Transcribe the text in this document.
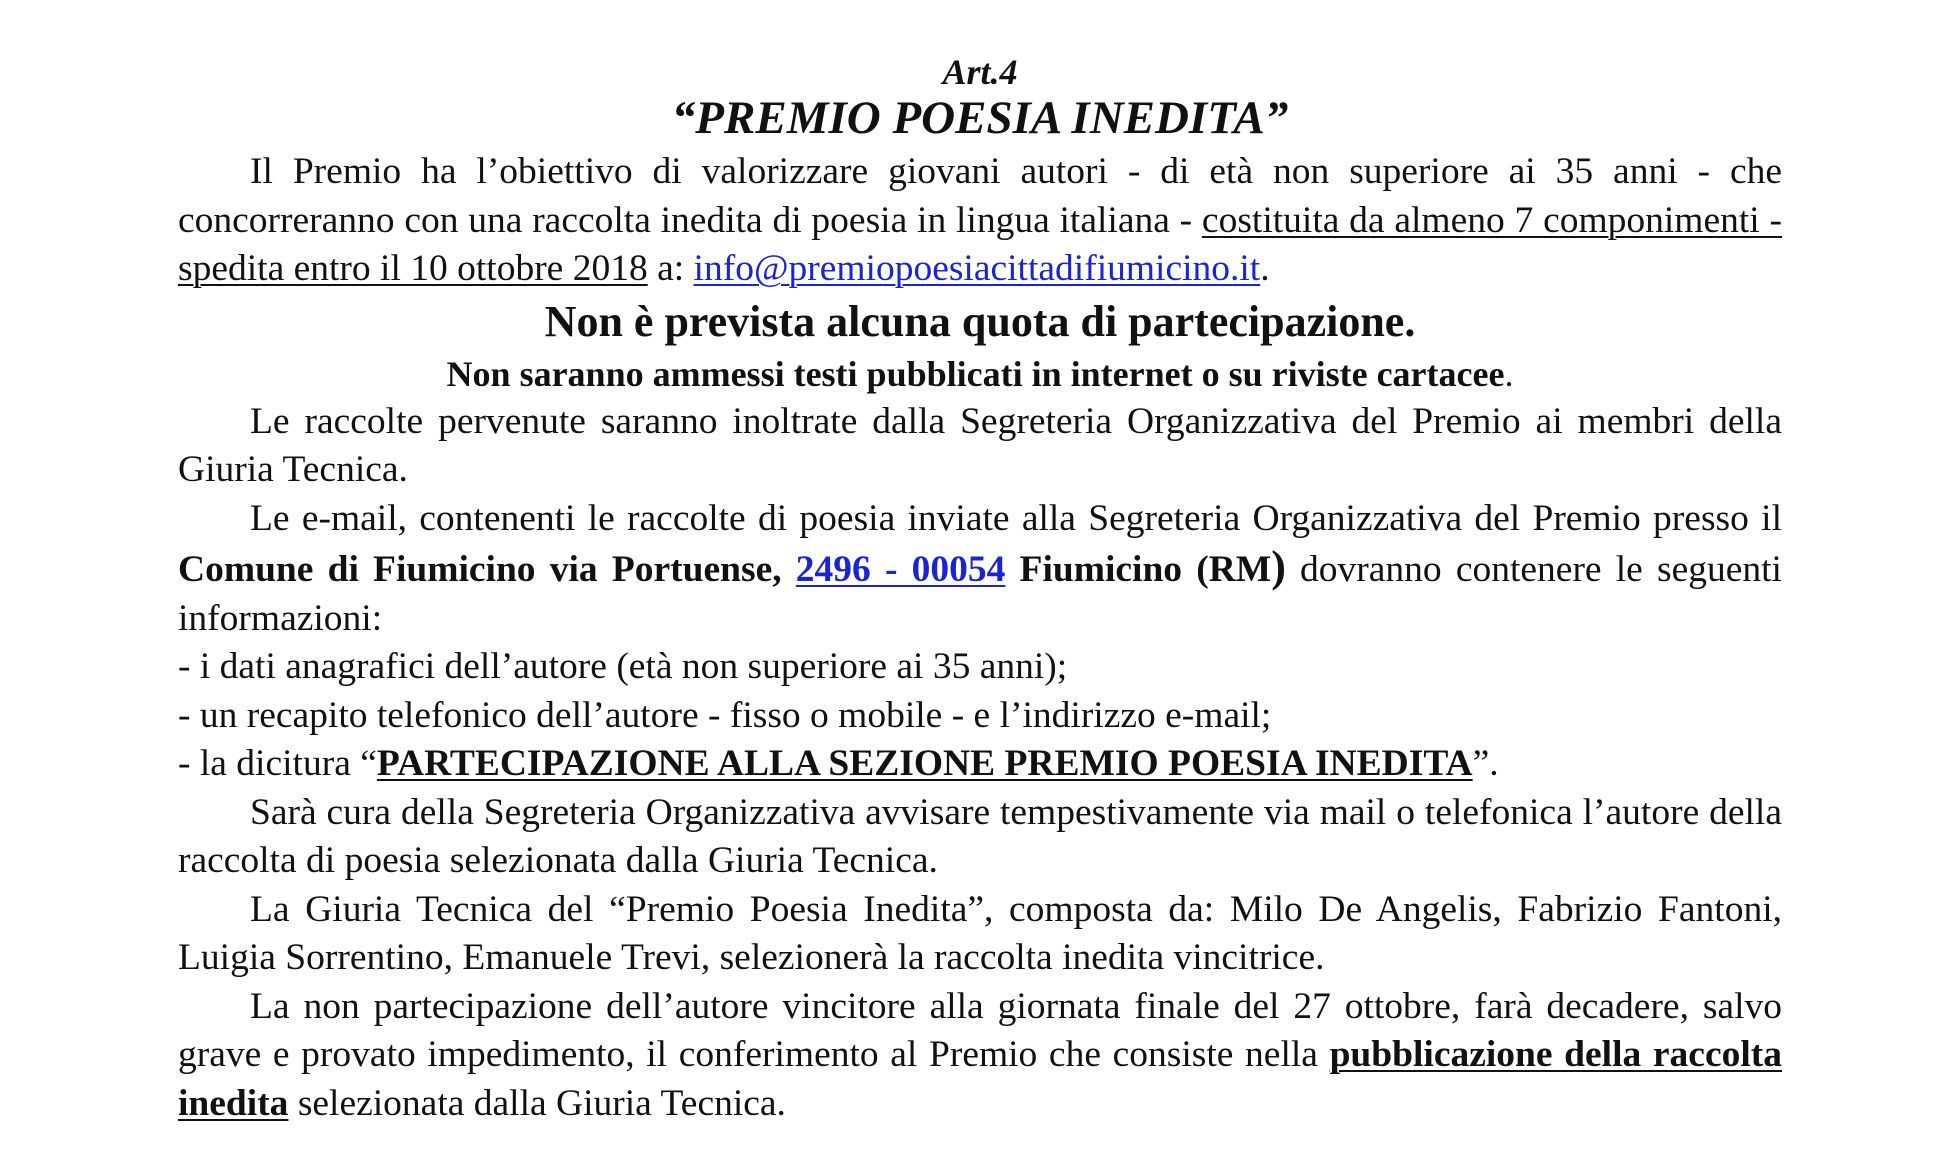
Art.4
“PREMIO POESIA INEDITA”

Il Premio ha l’obiettivo di valorizzare giovani autori - di età non superiore ai 35 anni - che concorreranno con una raccolta inedita di poesia in lingua italiana - costituita da almeno 7 componimenti - spedita entro il 10 ottobre 2018 a: info@premiopoesiacittadifiumicino.it.

Non è prevista alcuna quota di partecipazione.

Non saranno ammessi testi pubblicati in internet o su riviste cartacee.

Le raccolte pervenute saranno inoltrate dalla Segreteria Organizzativa del Premio ai membri della Giuria Tecnica.

Le e-mail, contenenti le raccolte di poesia inviate alla Segreteria Organizzativa del Premio presso il Comune di Fiumicino via Portuense, 2496 - 00054 Fiumicino (RM) dovranno contenere le seguenti informazioni:

- i dati anagrafici dell’autore (età non superiore ai 35 anni);

- un recapito telefonico dell’autore - fisso o mobile - e l’indirizzo e-mail;

- la dicitura “PARTECIPAZIONE ALLA SEZIONE PREMIO POESIA INEDITA”.

Sarà cura della Segreteria Organizzativa avvisare tempestivamente via mail o telefonica l’autore della raccolta di poesia selezionata dalla Giuria Tecnica.

La Giuria Tecnica del “Premio Poesia Inedita”, composta da: Milo De Angelis, Fabrizio Fantoni, Luigia Sorrentino, Emanuele Trevi, selezionerà la raccolta inedita vincitrice.

La non partecipazione dell’autore vincitore alla giornata finale del 27 ottobre, farà decadere, salvo grave e provato impedimento, il conferimento al Premio che consiste nella pubblicazione della raccolta inedita selezionata dalla Giuria Tecnica.
